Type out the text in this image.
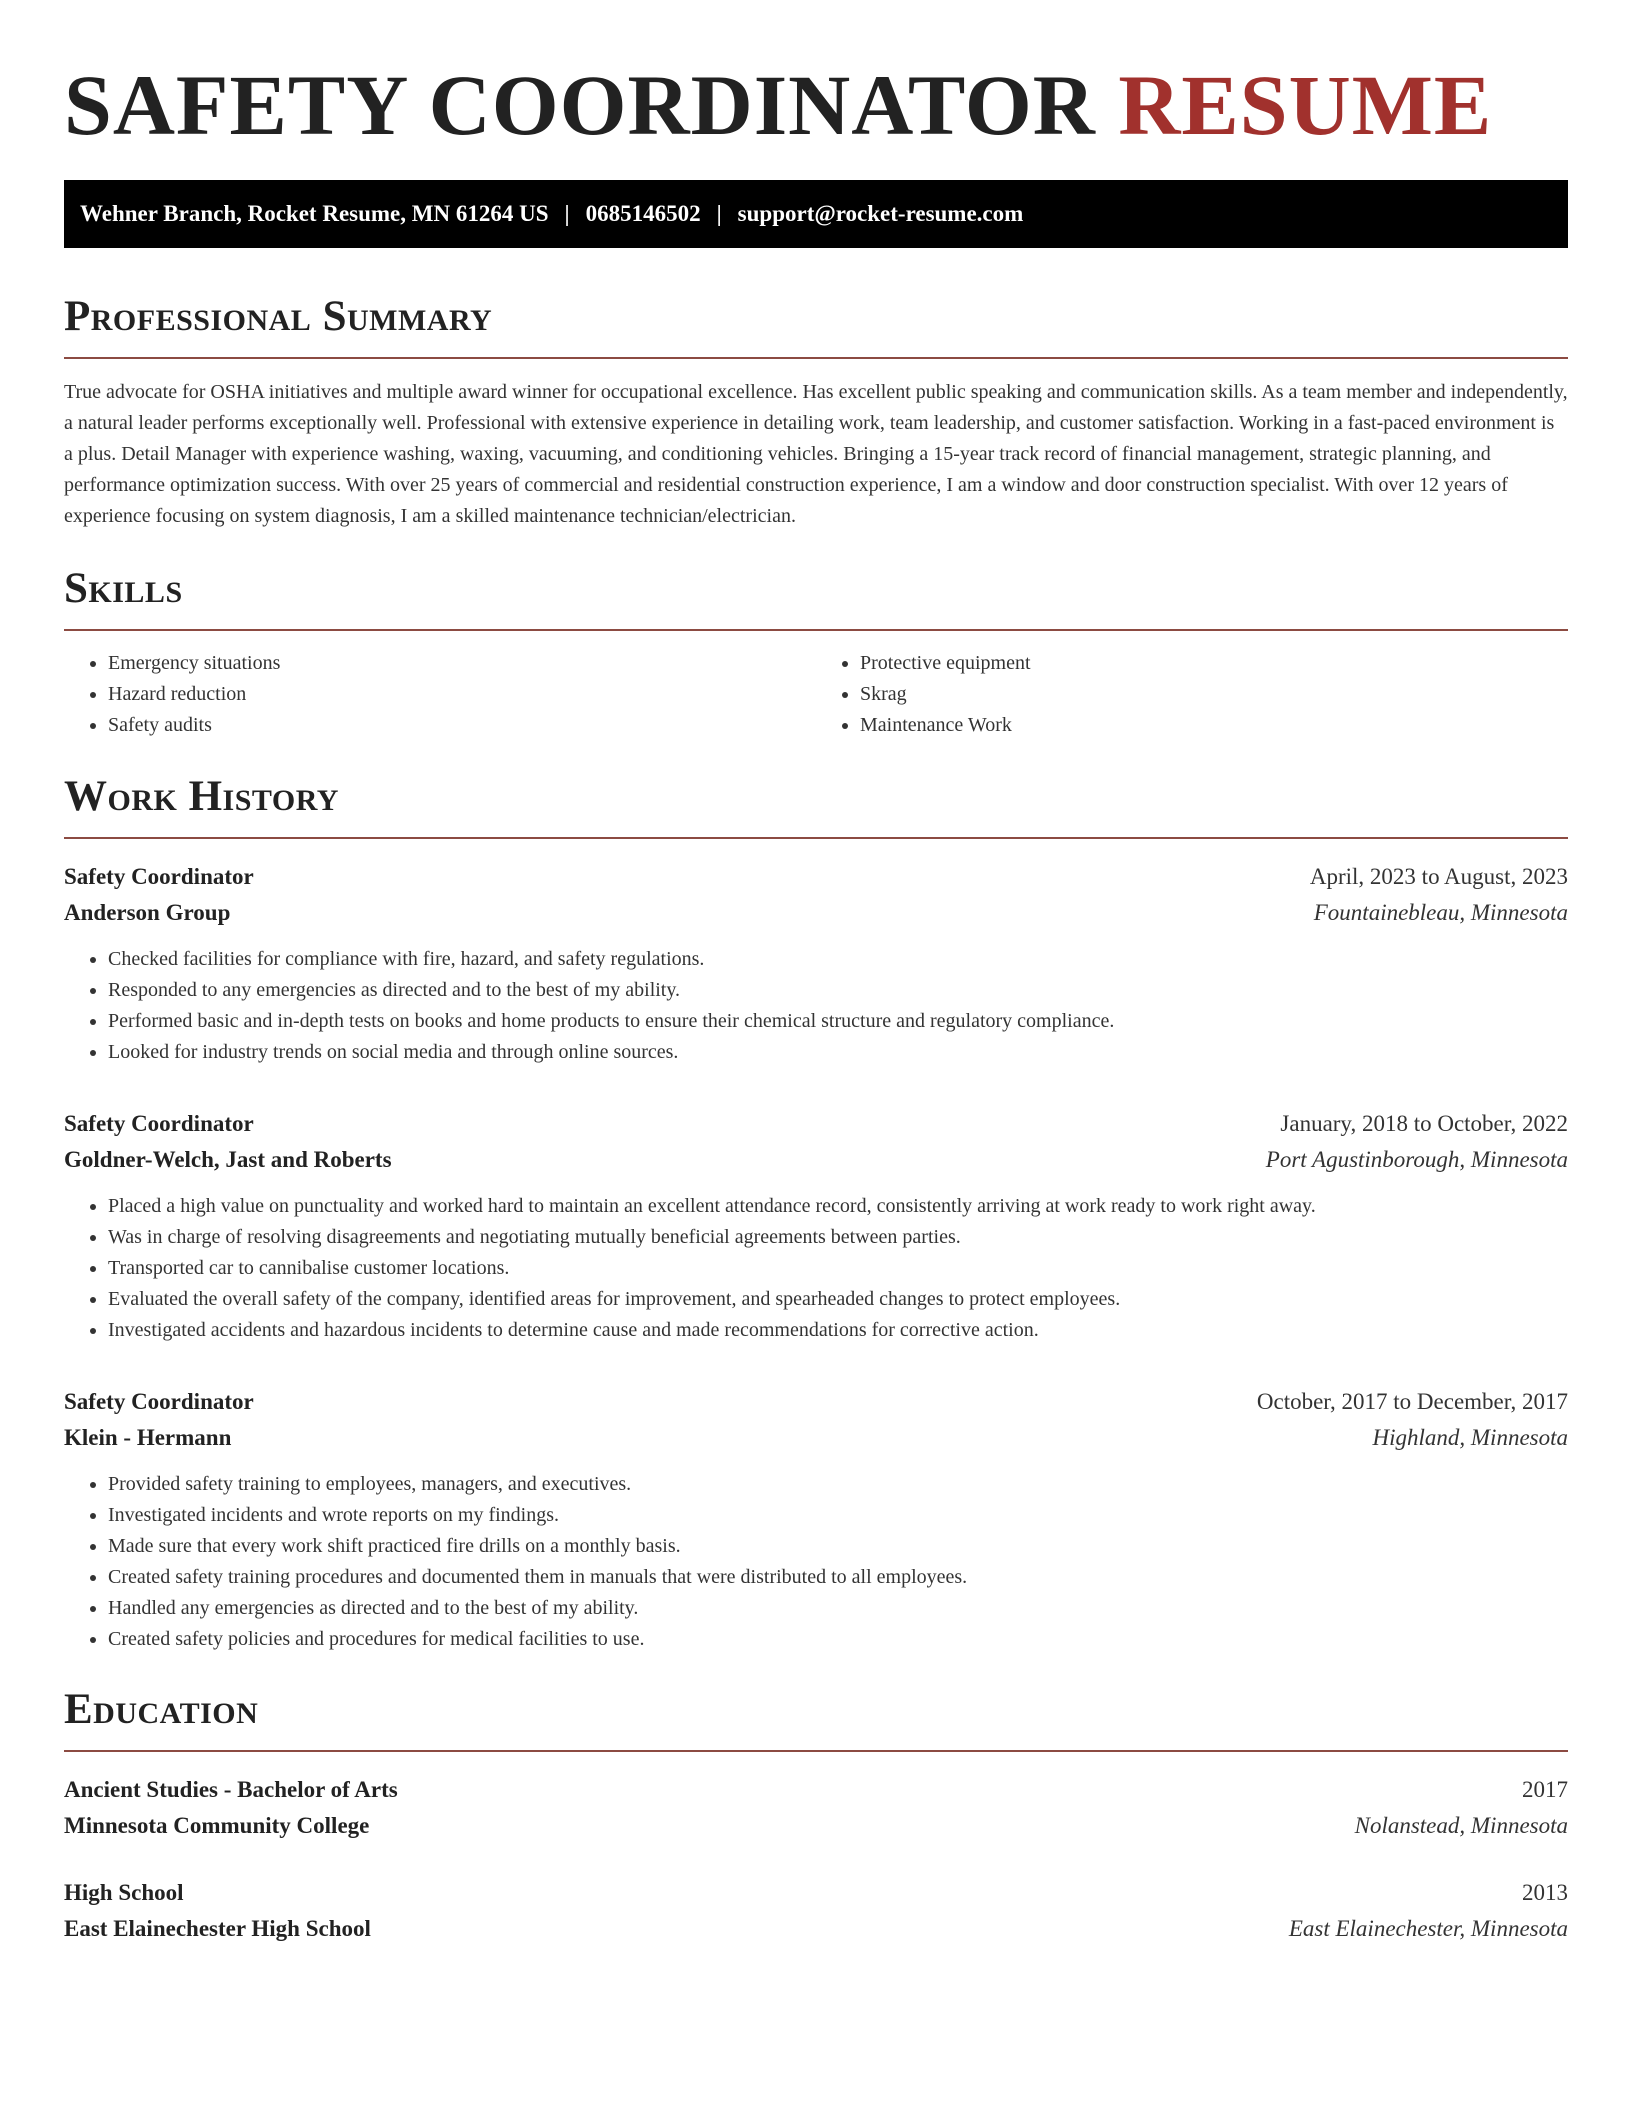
SAFETY COORDINATOR RESUME
Wehner Branch, Rocket Resume, MN 61264 US | 0685146502 | support@rocket-resume.com
Professional Summary

True advocate for OSHA initiatives and multiple award winner for occupational excellence. Has excellent public speaking and communication skills. As a team member and independently, a natural leader performs exceptionally well. Professional with extensive experience in detailing work, team leadership, and customer satisfaction. Working in a fast-paced environment is a plus. Detail Manager with experience washing, waxing, vacuuming, and conditioning vehicles. Bringing a 15-year track record of financial management, strategic planning, and performance optimization success. With over 25 years of commercial and residential construction experience, I am a window and door construction specialist. With over 12 years of experience focusing on system diagnosis, I am a skilled maintenance technician/electrician.

Skills
• Emergency situations
• Hazard reduction
• Safety audits
• Protective equipment
• Skrag
• Maintenance Work
Work History
Safety Coordinator	April, 2023 to August, 2023
Anderson Group	Fountainebleau, Minnesota
• Checked facilities for compliance with fire, hazard, and safety regulations.
• Responded to any emergencies as directed and to the best of my ability.
• Performed basic and in-depth tests on books and home products to ensure their chemical structure and regulatory compliance.
• Looked for industry trends on social media and through online sources.
Safety Coordinator	January, 2018 to October, 2022
Goldner-Welch, Jast and Roberts	Port Agustinborough, Minnesota
• Placed a high value on punctuality and worked hard to maintain an excellent attendance record, consistently arriving at work ready to work right away.
• Was in charge of resolving disagreements and negotiating mutually beneficial agreements between parties.
• Transported car to cannibalise customer locations.
• Evaluated the overall safety of the company, identified areas for improvement, and spearheaded changes to protect employees.
• Investigated accidents and hazardous incidents to determine cause and made recommendations for corrective action.
Safety Coordinator	October, 2017 to December, 2017
Klein - Hermann	Highland, Minnesota
• Provided safety training to employees, managers, and executives.
• Investigated incidents and wrote reports on my findings.
• Made sure that every work shift practiced fire drills on a monthly basis.
• Created safety training procedures and documented them in manuals that were distributed to all employees.
• Handled any emergencies as directed and to the best of my ability.
• Created safety policies and procedures for medical facilities to use.
Education
Ancient Studies - Bachelor of Arts	2017
Minnesota Community College	Nolanstead, Minnesota
High School	2013
East Elainechester High School	East Elainechester, Minnesota
